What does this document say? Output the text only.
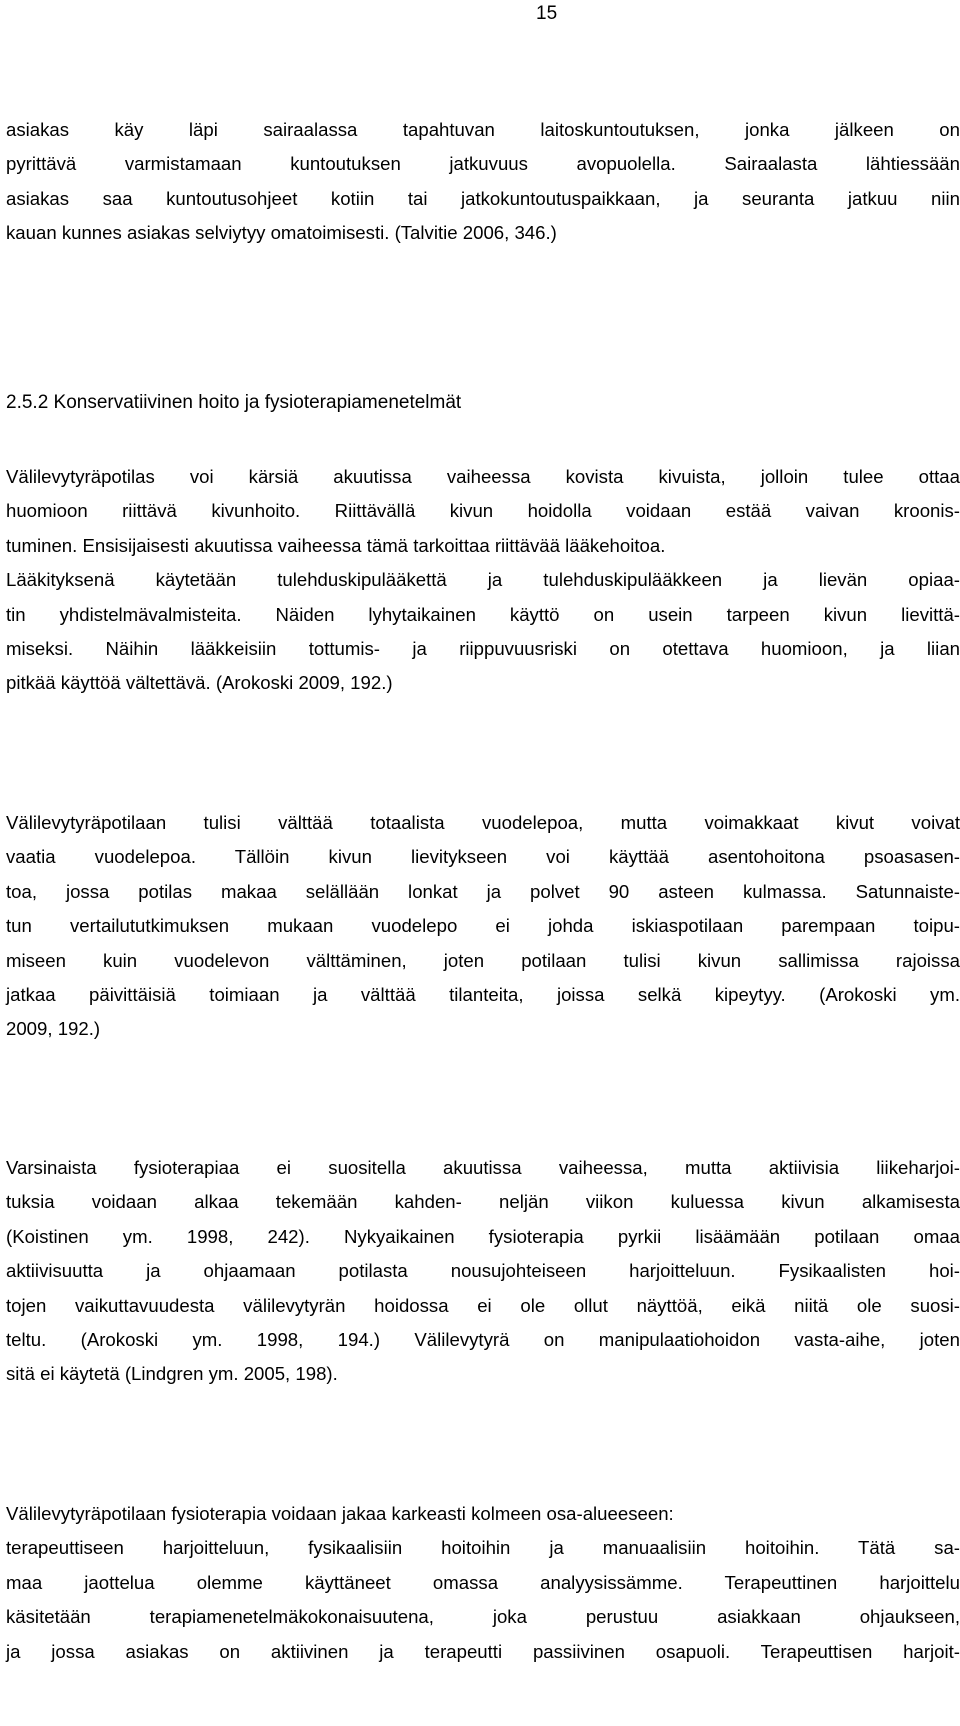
15
asiakas käy läpi sairaalassa tapahtuvan laitoskuntoutuksen, jonka jälkeen on
pyrittävä varmistamaan kuntoutuksen jatkuvuus avopuolella. Sairaalasta lähtiessään
asiakas saa kuntoutusohjeet kotiin tai jatkokuntoutuspaikkaan, ja seuranta jatkuu niin
kauan kunnes asiakas selviytyy omatoimisesti. (Talvitie 2006, 346.)
2.5.2 Konservatiivinen hoito ja fysioterapiamenetelmät
Välilevytyräpotilas voi kärsiä akuutissa vaiheessa kovista kivuista, jolloin tulee ottaa
huomioon riittävä kivunhoito. Riittävällä kivun hoidolla voidaan estää vaivan kroonis-
tuminen. Ensisijaisesti akuutissa vaiheessa tämä tarkoittaa riittävää lääkehoitoa.
Lääkityksenä käytetään tulehduskipulääkettä ja tulehduskipulääkkeen ja lievän opiaa-
tin yhdistelmävalmisteita. Näiden lyhytaikainen käyttö on usein tarpeen kivun lievittä-
miseksi. Näihin lääkkeisiin tottumis- ja riippuvuusriski on otettava huomioon, ja liian
pitkää käyttöä vältettävä. (Arokoski 2009, 192.)
Välilevytyräpotilaan tulisi välttää totaalista vuodelepoa, mutta voimakkaat kivut voivat
vaatia vuodelepoa. Tällöin kivun lievitykseen voi käyttää asentohoitona psoasasen-
toa, jossa potilas makaa selällään lonkat ja polvet 90 asteen kulmassa. Satunnaiste-
tun vertailututkimuksen mukaan vuodelepo ei johda iskiaspotilaan parempaan toipu-
miseen kuin vuodelevon välttäminen, joten potilaan tulisi kivun sallimissa rajoissa
jatkaa päivittäisiä toimiaan ja välttää tilanteita, joissa selkä kipeytyy. (Arokoski ym.
2009, 192.)
Varsinaista fysioterapiaa ei suositella akuutissa vaiheessa, mutta aktiivisia liikeharjoi-
tuksia voidaan alkaa tekemään kahden- neljän viikon kuluessa kivun alkamisesta
(Koistinen ym. 1998, 242). Nykyaikainen fysioterapia pyrkii lisäämään potilaan omaa
aktiivisuutta ja ohjaamaan potilasta nousujohteiseen harjoitteluun. Fysikaalisten hoi-
tojen vaikuttavuudesta välilevytyrän hoidossa ei ole ollut näyttöä, eikä niitä ole suosi-
teltu. (Arokoski ym. 1998, 194.) Välilevytyrä on manipulaatiohoidon vasta-aihe, joten
sitä ei käytetä (Lindgren ym. 2005, 198).
Välilevytyräpotilaan fysioterapia voidaan jakaa karkeasti kolmeen osa-alueeseen:
terapeuttiseen harjoitteluun, fysikaalisiin hoitoihin ja manuaalisiin hoitoihin. Tätä sa-
maa jaottelua olemme käyttäneet omassa analyysissämme. Terapeuttinen harjoittelu
käsitetään terapiamenetelmäkokonaisuutena, joka perustuu asiakkaan ohjaukseen,
ja jossa asiakas on aktiivinen ja terapeutti passiivinen osapuoli. Terapeuttisen harjoit-
